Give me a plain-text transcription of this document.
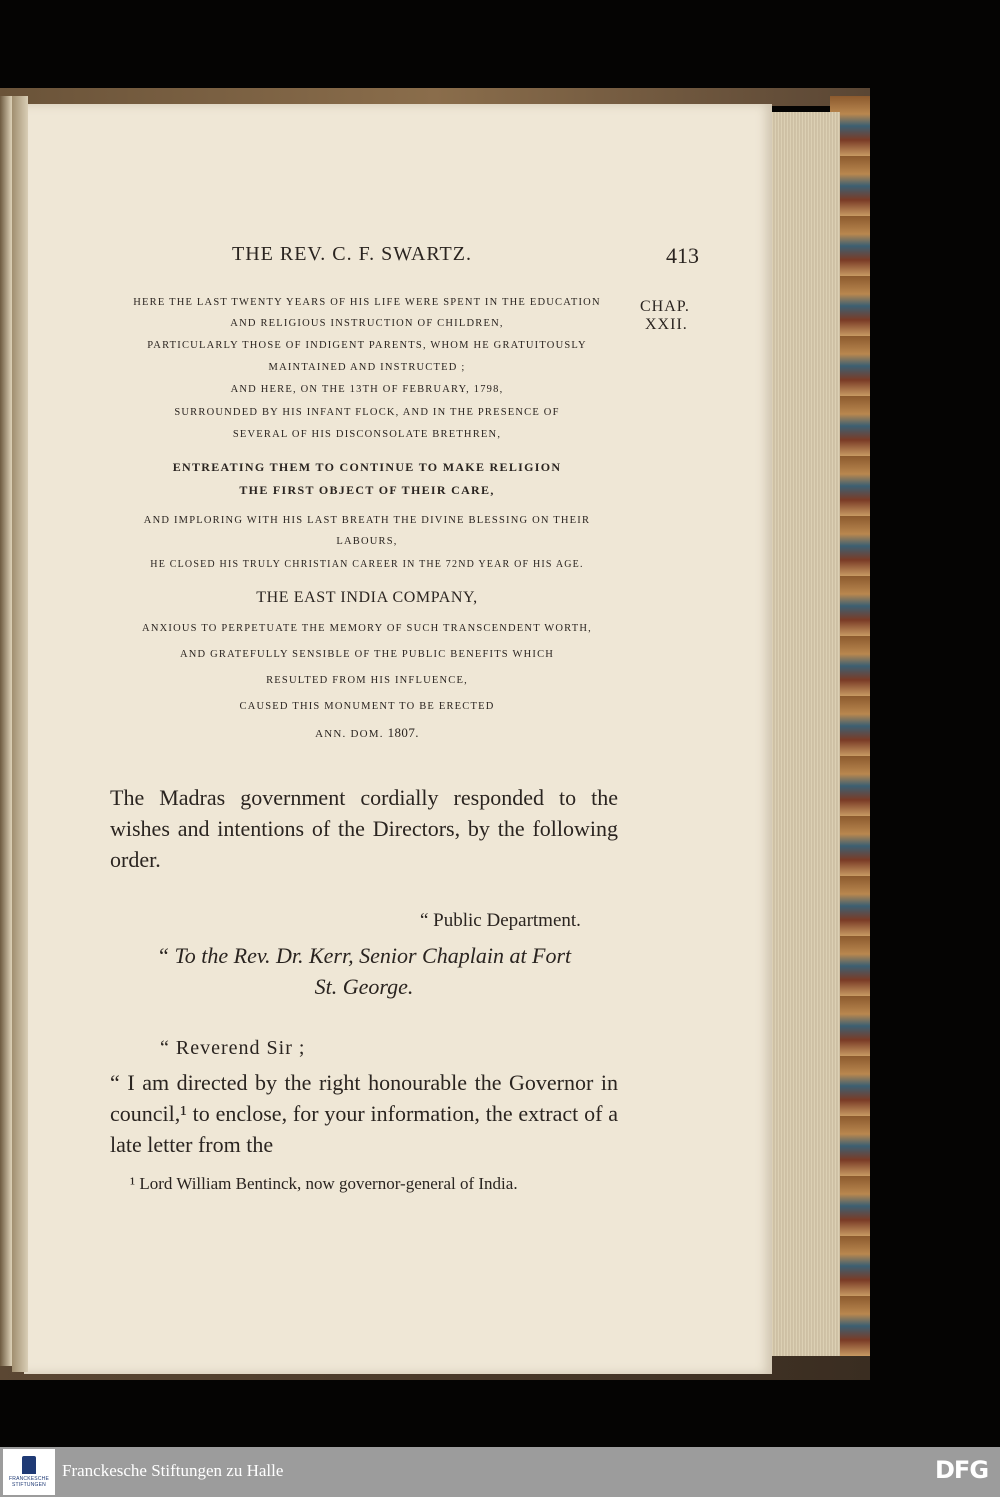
THE REV. C. F. SWARTZ.	413

CHAP.

XXII.

HERE THE LAST TWENTY YEARS OF HIS LIFE WERE SPENT IN THE EDUCATION

AND RELIGIOUS INSTRUCTION OF CHILDREN,

PARTICULARLY THOSE OF INDIGENT PARENTS, WHOM HE GRATUITOUSLY

MAINTAINED AND INSTRUCTED ;

AND HERE, ON THE 13TH OF FEBRUARY, 1798,

SURROUNDED BY HIS INFANT FLOCK, AND IN THE PRESENCE OF

SEVERAL OF HIS DISCONSOLATE BRETHREN,

ENTREATING THEM TO CONTINUE TO MAKE RELIGION

THE FIRST OBJECT OF THEIR CARE,

AND IMPLORING WITH HIS LAST BREATH THE DIVINE BLESSING ON THEIR

LABOURS,

HE CLOSED HIS TRULY CHRISTIAN CAREER IN THE 72ND YEAR OF HIS AGE.

THE EAST INDIA COMPANY,

ANXIOUS TO PERPETUATE THE MEMORY OF SUCH TRANSCENDENT WORTH,

AND GRATEFULLY SENSIBLE OF THE PUBLIC BENEFITS WHICH

RESULTED FROM HIS INFLUENCE,

CAUSED THIS MONUMENT TO BE ERECTED

ANN. DOM. 1807.

The Madras government cordially responded to the wishes and intentions of the Directors, by the following order.

“ Public Department.

“ To the Rev. Dr. Kerr, Senior Chaplain at Fort

St. George.

“ Reverend Sir ;

“ I am directed by the right honourable the Governor in council,¹ to enclose, for your information, the extract of a late letter from the

¹ Lord William Bentinck, now governor-general of India.

FRANCKESCHE STIFTUNGEN
Franckesche Stiftungen zu Halle	DFG
